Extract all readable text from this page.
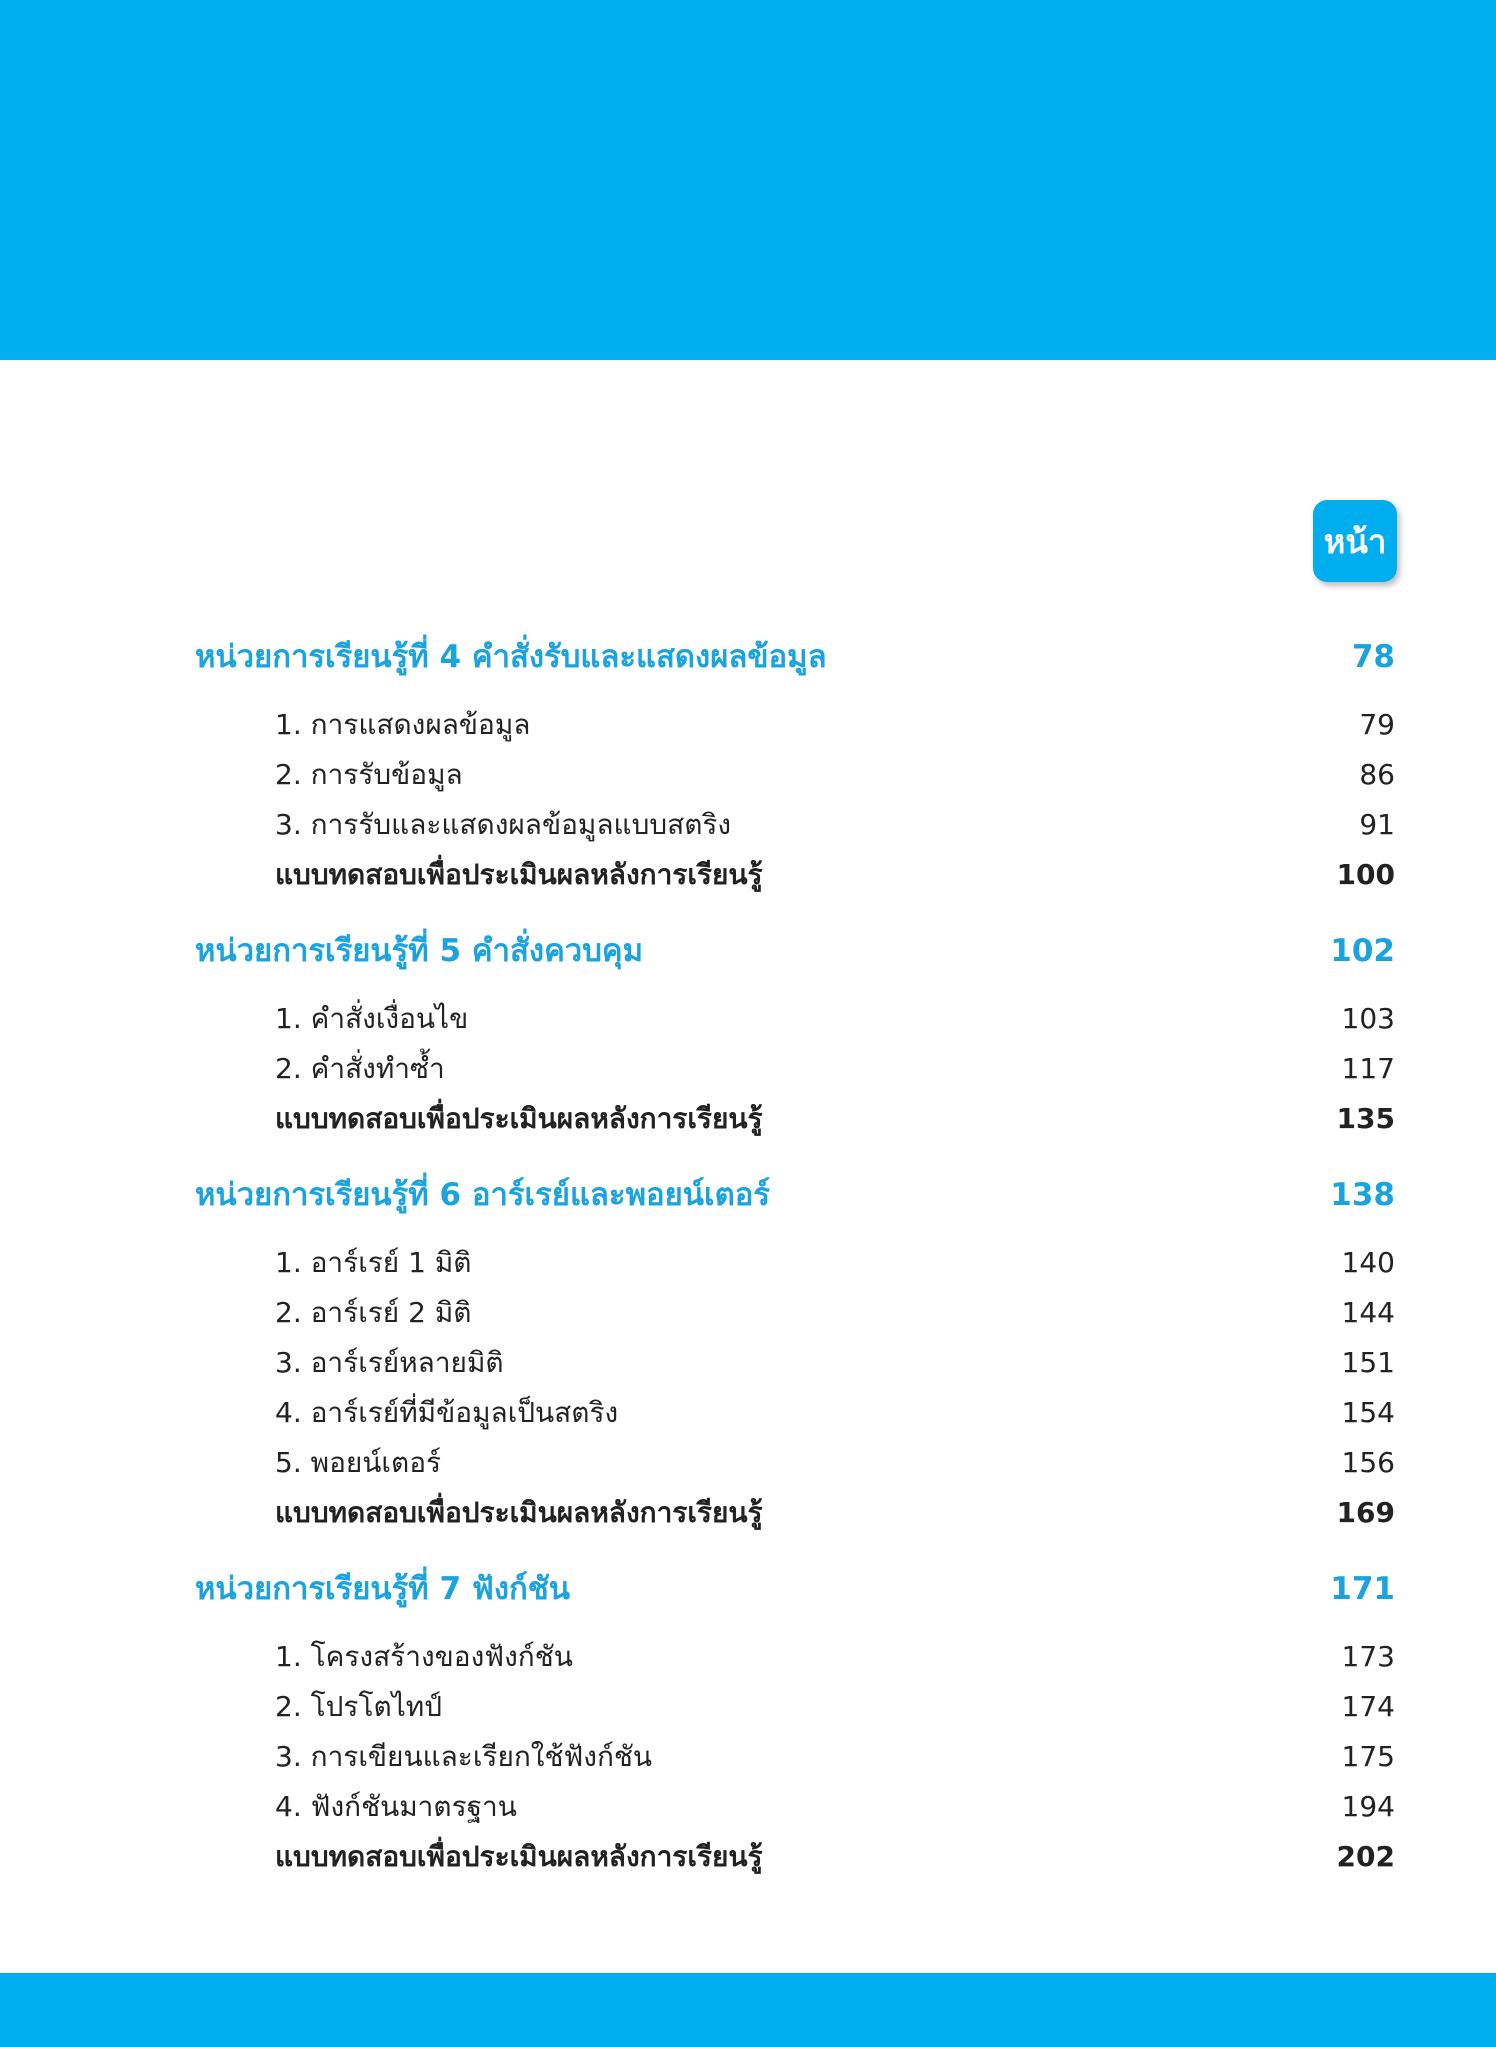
หน้า
หน่วยการเรียนรู้ที่ 4 คำสั่งรับและแสดงผลข้อมูล	78
1. การแสดงผลข้อมูล	79
2. การรับข้อมูล	86
3. การรับและแสดงผลข้อมูลแบบสตริง	91
แบบทดสอบเพื่อประเมินผลหลังการเรียนรู้	100
หน่วยการเรียนรู้ที่ 5 คำสั่งควบคุม	102
1. คำสั่งเงื่อนไข	103
2. คำสั่งทำซ้ำ	117
แบบทดสอบเพื่อประเมินผลหลังการเรียนรู้	135
หน่วยการเรียนรู้ที่ 6 อาร์เรย์และพอยน์เตอร์	138
1. อาร์เรย์ 1 มิติ	140
2. อาร์เรย์ 2 มิติ	144
3. อาร์เรย์หลายมิติ	151
4. อาร์เรย์ที่มีข้อมูลเป็นสตริง	154
5. พอยน์เตอร์	156
แบบทดสอบเพื่อประเมินผลหลังการเรียนรู้	169
หน่วยการเรียนรู้ที่ 7 ฟังก์ชัน	171
1. โครงสร้างของฟังก์ชัน	173
2. โปรโตไทป์	174
3. การเขียนและเรียกใช้ฟังก์ชัน	175
4. ฟังก์ชันมาตรฐาน	194
แบบทดสอบเพื่อประเมินผลหลังการเรียนรู้	202
